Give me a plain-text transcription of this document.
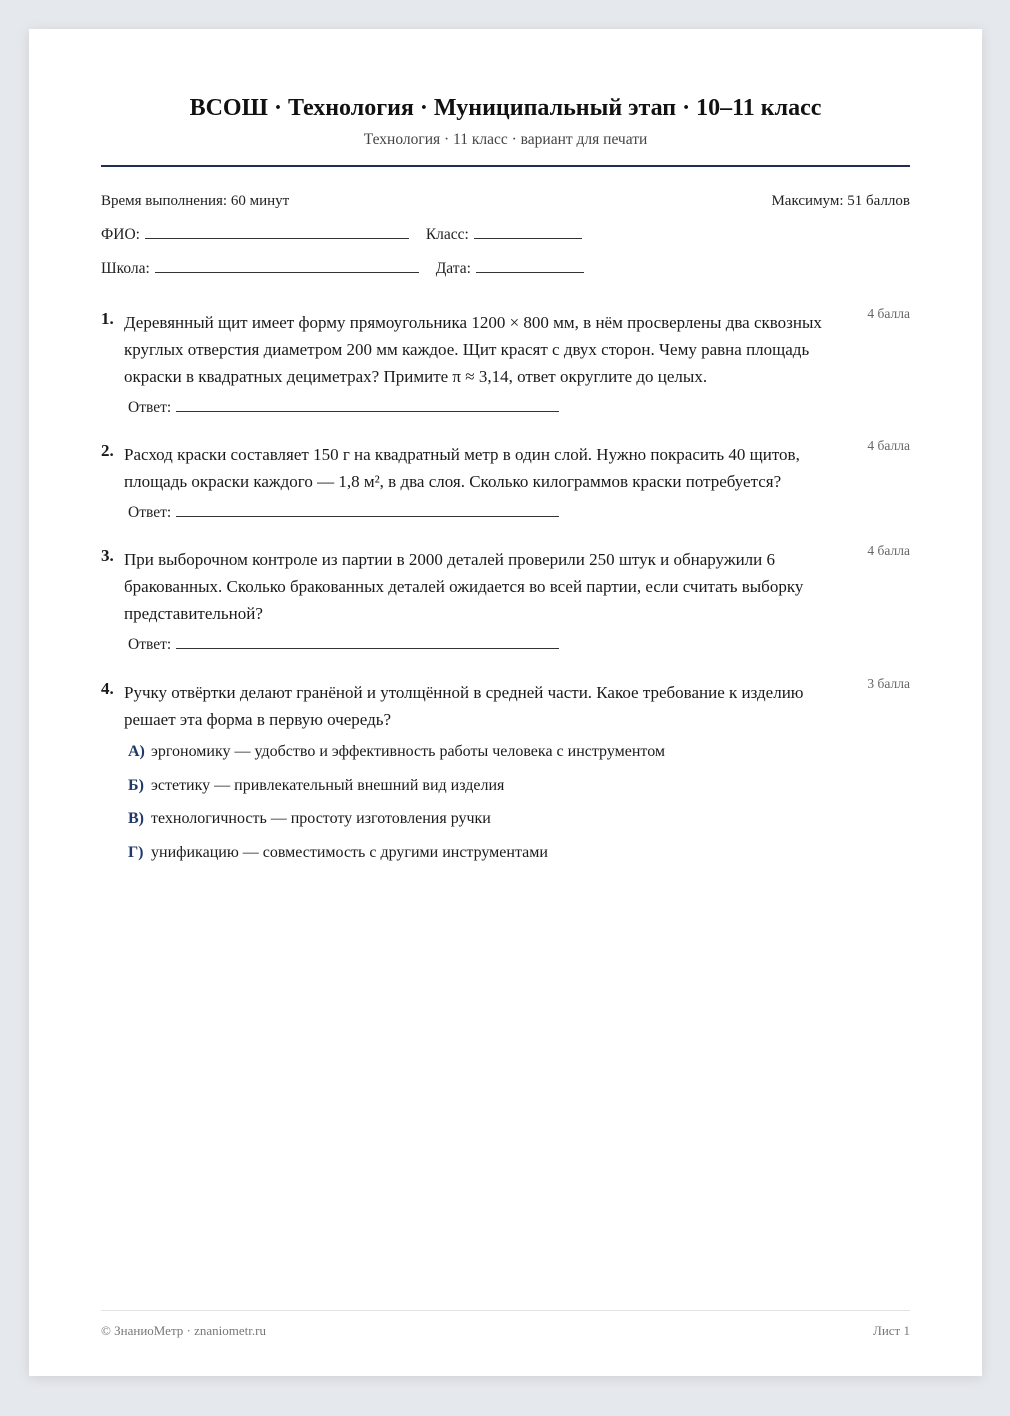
ВСОШ · Технология · Муниципальный этап · 10–11 класс
Технология · 11 класс · вариант для печати
Время выполнения: 60 минут	Максимум: 51 баллов
ФИО:	Класс:
Школа:	Дата:
1. Деревянный щит имеет форму прямоугольника 1200 × 800 мм, в нём просверлены два сквозных круглых отверстия диаметром 200 мм каждое. Щит красят с двух сторон. Чему равна площадь окраски в квадратных дециметрах? Примите π ≈ 3,14, ответ округлите до целых.
4 балла
Ответ:
2. Расход краски составляет 150 г на квадратный метр в один слой. Нужно покрасить 40 щитов, площадь окраски каждого — 1,8 м², в два слоя. Сколько килограммов краски потребуется?
4 балла
Ответ:
3. При выборочном контроле из партии в 2000 деталей проверили 250 штук и обнаружили 6 бракованных. Сколько бракованных деталей ожидается во всей партии, если считать выборку представительной?
4 балла
Ответ:
4. Ручку отвёртки делают гранёной и утолщённой в средней части. Какое требование к изделию решает эта форма в первую очередь?
3 балла
А) эргономику — удобство и эффективность работы человека с инструментом
Б) эстетику — привлекательный внешний вид изделия
В) технологичность — простоту изготовления ручки
Г) унификацию — совместимость с другими инструментами
© ЗнаниоМетр · znaniometr.ru	Лист 1
